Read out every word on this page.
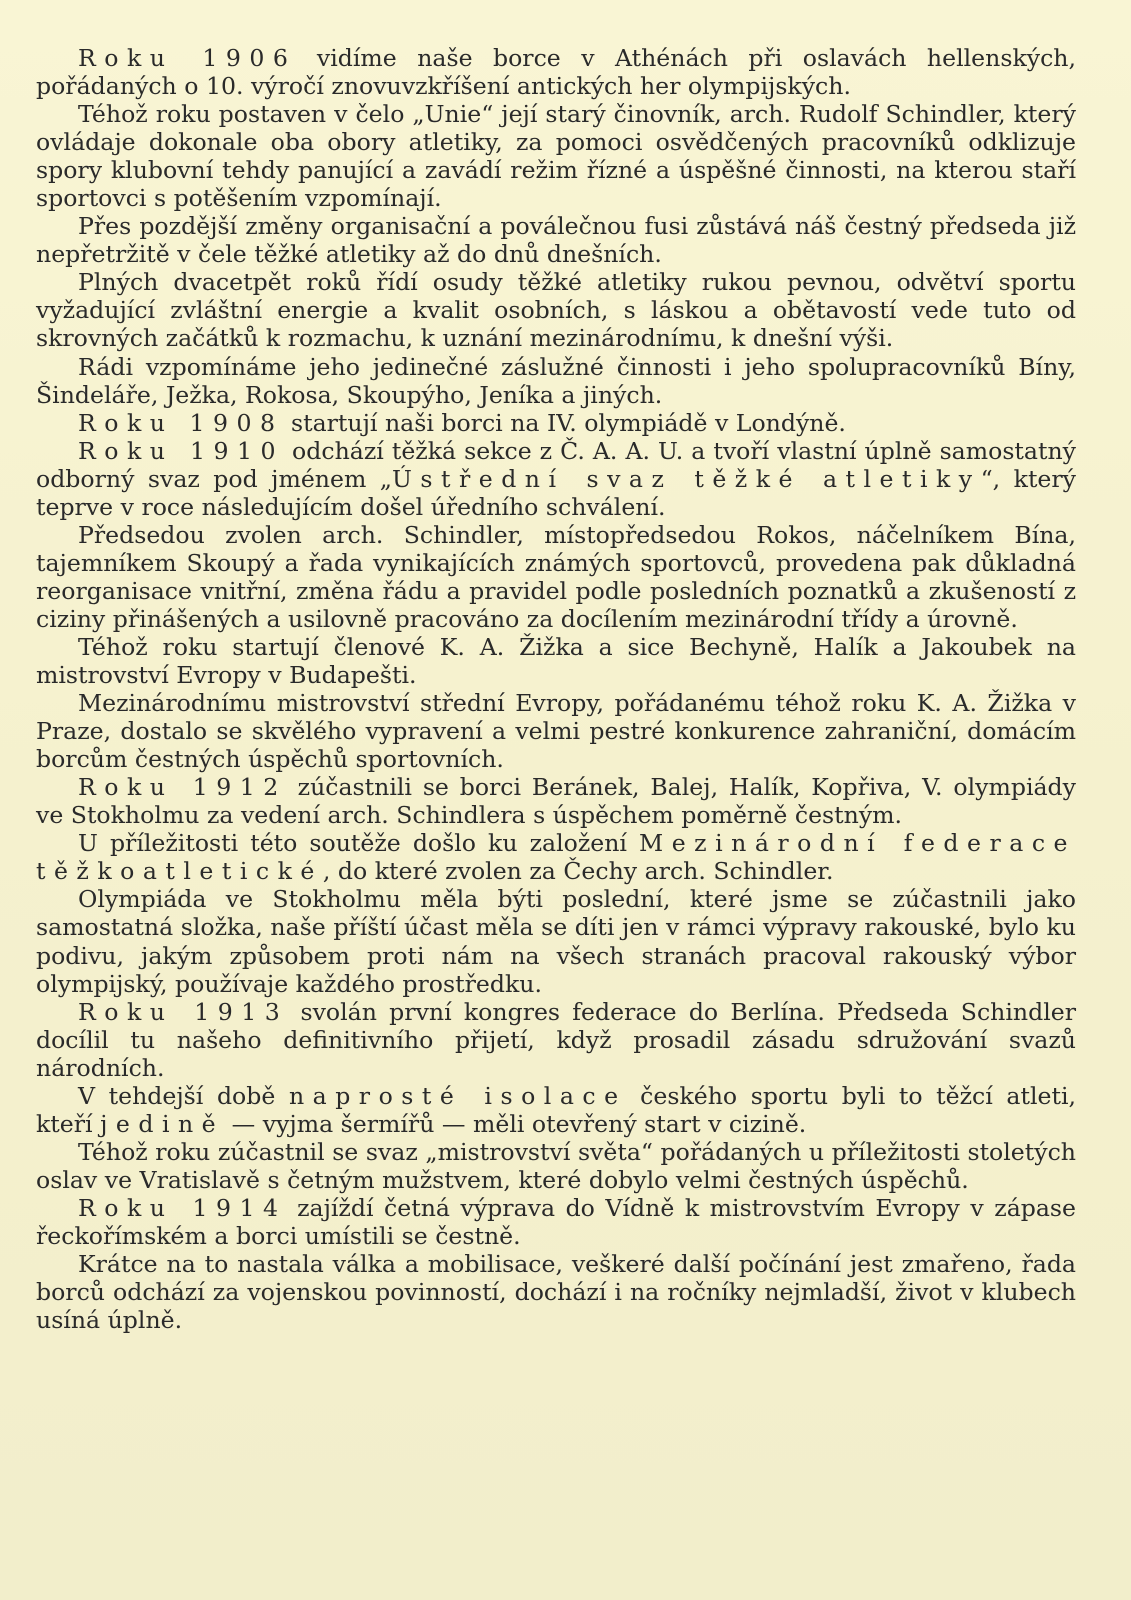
Roku 1906 vidíme naše borce v Athénách při oslavách hellenských, pořádaných o 10. výročí znovuvzkříšení antických her olympijských.

Téhož roku postaven v čelo „Unie“ její starý činovník, arch. Rudolf Schindler, který ovládaje dokonale oba obory atletiky, za pomoci osvědčených pracovníků odklizuje spory klubovní tehdy panující a zavádí režim řízné a úspěšné činnosti, na kterou staří sportovci s potěšením vzpomínají.

Přes pozdější změny organisační a poválečnou fusi zůstává náš čestný předseda již nepřetržitě v čele těžké atletiky až do dnů dnešních.

Plných dvacetpět roků řídí osudy těžké atletiky rukou pevnou, odvětví sportu vyžadující zvláštní energie a kvalit osobních, s láskou a obětavostí vede tuto od skrovných začátků k rozmachu, k uznání mezinárodnímu, k dnešní výši.

Rádi vzpomínáme jeho jedinečné záslužné činnosti i jeho spolupracovníků Bíny, Šindeláře, Ježka, Rokosa, Skoupýho, Jeníka a jiných.

Roku 1908 startují naši borci na IV. olympiádě v Londýně.

Roku 1910 odchází těžká sekce z Č. A. A. U. a tvoří vlastní úplně samostatný odborný svaz pod jménem „Ústřední svaz těžké atletiky“, který teprve v roce následujícím došel úředního schválení.

Předsedou zvolen arch. Schindler, místopředsedou Rokos, náčelníkem Bína, tajemníkem Skoupý a řada vynikajících známých sportovců, provedena pak důkladná reorganisace vnitřní, změna řádu a pravidel podle posledních poznatků a zkušeností z ciziny přinášených a usilovně pracováno za docílením mezinárodní třídy a úrovně.

Téhož roku startují členové K. A. Žižka a sice Bechyně, Halík a Jakoubek na mistrovství Evropy v Budapešti.

Mezinárodnímu mistrovství střední Evropy, pořádanému téhož roku K. A. Žižka v Praze, dostalo se skvělého vypravení a velmi pestré konkurence zahraniční, domácím borcům čestných úspěchů sportovních.

Roku 1912 zúčastnili se borci Beránek, Balej, Halík, Kopřiva, V. olympiády ve Stokholmu za vedení arch. Schindlera s úspěchem poměrně čestným.

U příležitosti této soutěže došlo ku založení Mezinárodní federace těžkoatletické, do které zvolen za Čechy arch. Schindler.

Olympiáda ve Stokholmu měla býti poslední, které jsme se zúčastnili jako samostatná složka, naše příští účast měla se díti jen v rámci výpravy rakouské, bylo ku podivu, jakým způsobem proti nám na všech stranách pracoval rakouský výbor olympijský, používaje každého prostředku.

Roku 1913 svolán první kongres federace do Berlína. Předseda Schindler docílil tu našeho definitivního přijetí, když prosadil zásadu sdružování svazů národních.

V tehdejší době naprosté isolace českého sportu byli to těžcí atleti, kteří jedině — vyjma šermířů — měli otevřený start v cizině.

Téhož roku zúčastnil se svaz „mistrovství světa“ pořádaných u příležitosti stoletých oslav ve Vratislavě s četným mužstvem, které dobylo velmi čestných úspěchů.

Roku 1914 zajíždí četná výprava do Vídně k mistrovstvím Evropy v zápase řeckořímském a borci umístili se čestně.

Krátce na to nastala válka a mobilisace, veškeré další počínání jest zmařeno, řada borců odchází za vojenskou povinností, dochází i na ročníky nejmladší, život v klubech usíná úplně.
